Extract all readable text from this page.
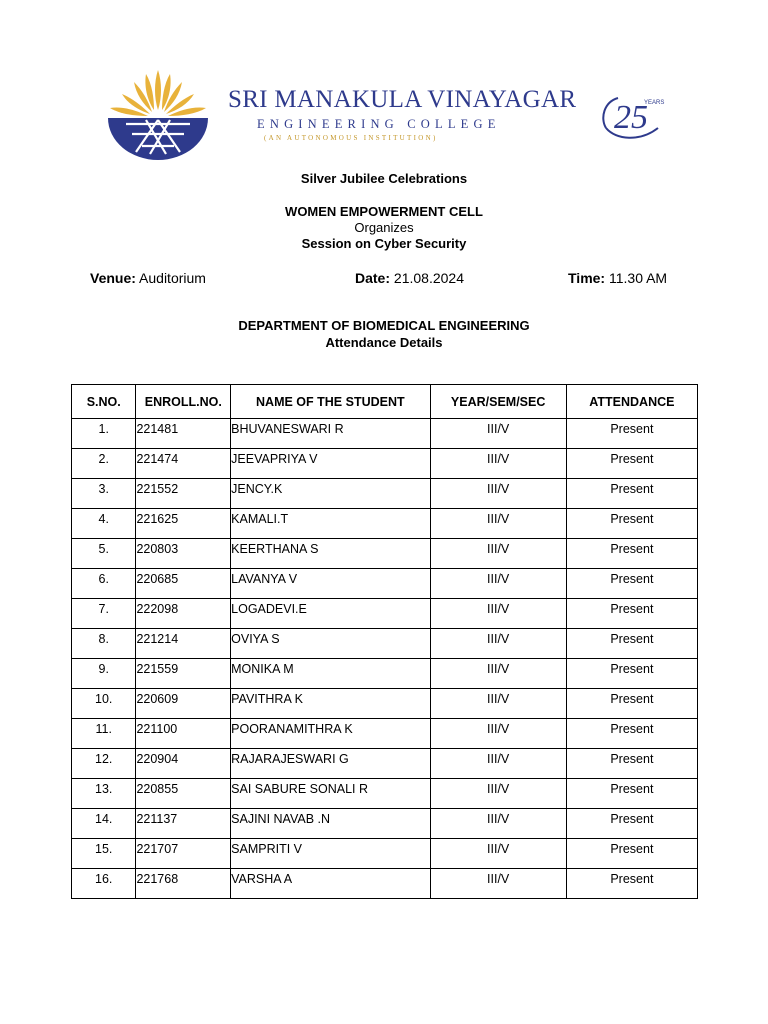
SRI MANAKULA VINAYAGAR
ENGINEERING COLLEGE
(AN AUTONOMOUS INSTITUTION)
25
YEARS
Silver Jubilee Celebrations
WOMEN EMPOWERMENT CELL
Organizes
Session on Cyber Security
Venue: Auditorium	Date: 21.08.2024	Time: 11.30 AM
DEPARTMENT OF BIOMEDICAL ENGINEERING
Attendance Details
S.NO.	ENROLL.NO.	NAME OF THE STUDENT	YEAR/SEM/SEC	ATTENDANCE
1.	221481	BHUVANESWARI R	III/V	Present
2.	221474	JEEVAPRIYA V	III/V	Present
3.	221552	JENCY.K	III/V	Present
4.	221625	KAMALI.T	III/V	Present
5.	220803	KEERTHANA S	III/V	Present
6.	220685	LAVANYA V	III/V	Present
7.	222098	LOGADEVI.E	III/V	Present
8.	221214	OVIYA S	III/V	Present
9.	221559	MONIKA M	III/V	Present
10.	220609	PAVITHRA K	III/V	Present
11.	221100	POORANAMITHRA K	III/V	Present
12.	220904	RAJARAJESWARI G	III/V	Present
13.	220855	SAI SABURE SONALI R	III/V	Present
14.	221137	SAJINI NAVAB .N	III/V	Present
15.	221707	SAMPRITI V	III/V	Present
16.	221768	VARSHA A	III/V	Present
